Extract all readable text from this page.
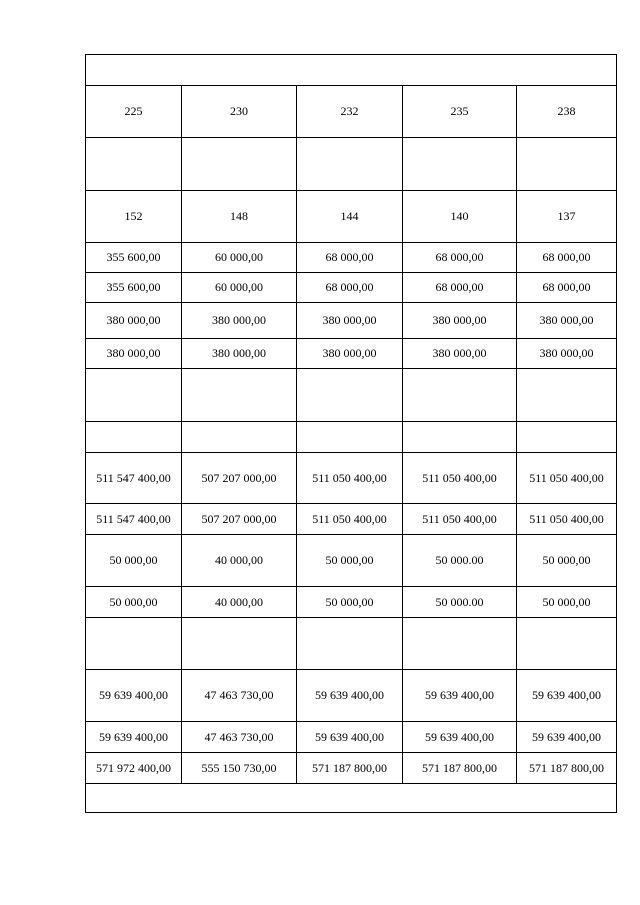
225	230	232	235	238

152	148	144	140	137
355 600,00	60 000,00	68 000,00	68 000,00	68 000,00
355 600,00	60 000,00	68 000,00	68 000,00	68 000,00
380 000,00	380 000,00	380 000,00	380 000,00	380 000,00
380 000,00	380 000,00	380 000,00	380 000,00	380 000,00

511 547 400,00	507 207 000,00	511 050 400,00	511 050 400,00	511 050 400,00
511 547 400,00	507 207 000,00	511 050 400,00	511 050 400,00	511 050 400,00
50 000,00	40 000,00	50 000,00	50 000.00	50 000,00
50 000,00	40 000,00	50 000,00	50 000.00	50 000,00

59 639 400,00	47 463 730,00	59 639 400,00	59 639 400,00	59 639 400,00
59 639 400,00	47 463 730,00	59 639 400,00	59 639 400,00	59 639 400,00
571 972 400,00	555 150 730,00	571 187 800,00	571 187 800,00	571 187 800,00
